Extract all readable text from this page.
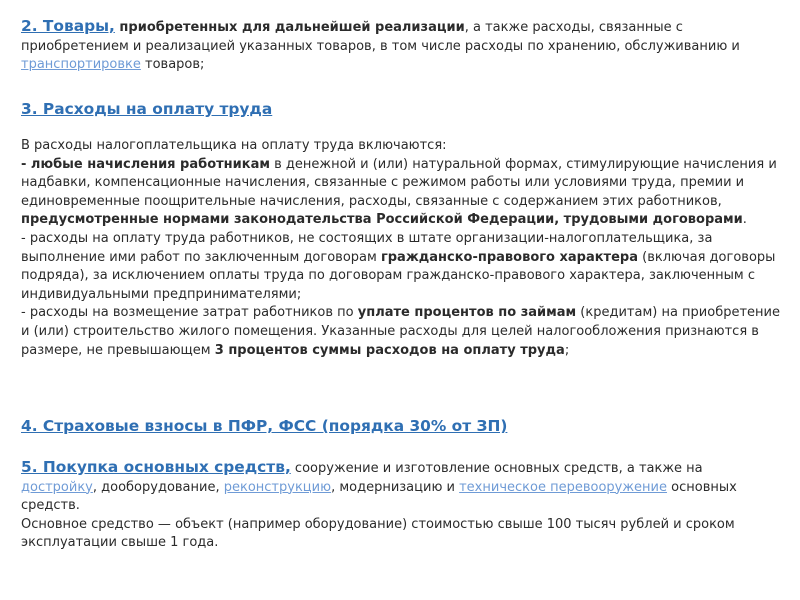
2. Товары, приобретенных для дальнейшей реализации, а также расходы, связанные с приобретением и реализацией указанных товаров, в том числе расходы по хранению, обслуживанию и транспортировке товаров;

3. Расходы на оплату труда

В расходы налогоплательщика на оплату труда включаются:
- любые начисления работникам в денежной и (или) натуральной формах, стимулирующие начисления и надбавки, компенсационные начисления, связанные с режимом работы или условиями труда, премии и единовременные поощрительные начисления, расходы, связанные с содержанием этих работников, предусмотренные нормами законодательства Российской Федерации, трудовыми договорами.
- расходы на оплату труда работников, не состоящих в штате организации-налогоплательщика, за выполнение ими работ по заключенным договорам гражданско-правового характера (включая договоры подряда), за исключением оплаты труда по договорам гражданско-правового характера, заключенным с индивидуальными предпринимателями;
- расходы на возмещение затрат работников по уплате процентов по займам (кредитам) на приобретение и (или) строительство жилого помещения. Указанные расходы для целей налогообложения признаются в размере, не превышающем 3 процентов суммы расходов на оплату труда;

4. Страховые взносы в ПФР, ФСС (порядка 30% от ЗП)

5. Покупка основных средств, сооружение и изготовление основных средств, а также на достройку, дооборудование, реконструкцию, модернизацию и техническое перевооружение основных средств.
Основное средство — объект (например оборудование) стоимостью свыше 100 тысяч рублей и сроком эксплуатации свыше 1 года.
